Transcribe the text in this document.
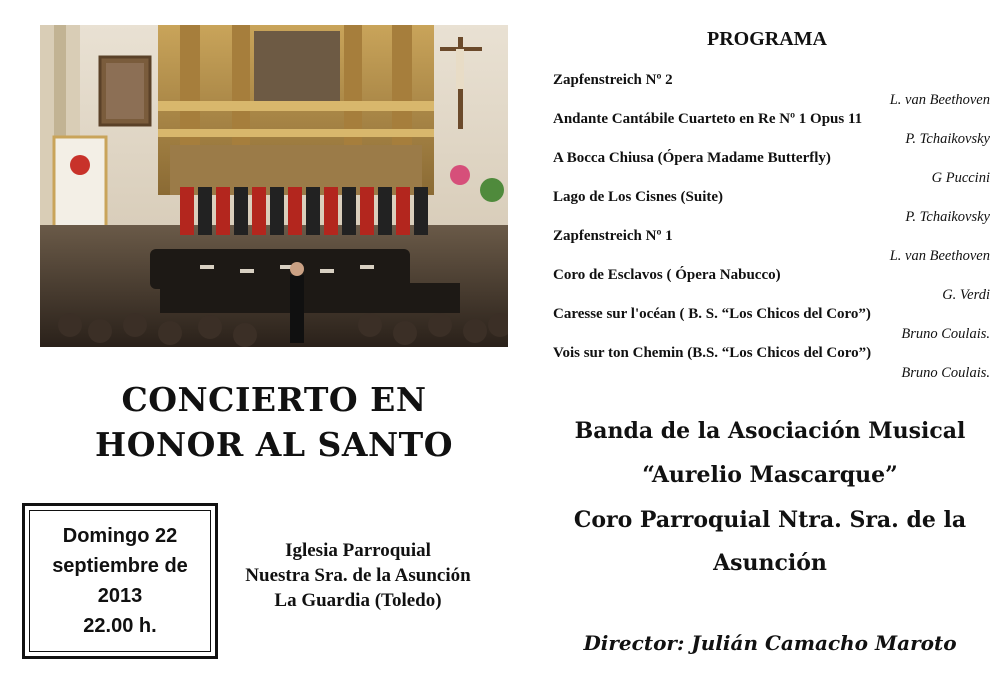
CONCIERTO EN
HONOR AL SANTO
Domingo 22
septiembre de
2013
22.00 h.
Iglesia Parroquial
Nuestra Sra. de la Asunción
La Guardia (Toledo)
PROGRAMA
Zapfenstreich Nº 2
L. van Beethoven
Andante Cantábile Cuarteto en Re Nº 1 Opus 11
P. Tchaikovsky
A Bocca Chiusa (Ópera Madame Butterfly)
G Puccini
Lago de Los Cisnes (Suite)
P. Tchaikovsky
Zapfenstreich Nº 1
L. van Beethoven
Coro de Esclavos ( Ópera Nabucco)
G. Verdi
Caresse sur l'océan ( B. S. “Los Chicos del Coro”)
Bruno Coulais.
Vois sur ton Chemin (B.S. “Los Chicos del Coro”)
Bruno Coulais.
Banda de la Asociación Musical
“Aurelio Mascarque”
Coro Parroquial Ntra. Sra. de la
Asunción
Director: Julián Camacho Maroto
